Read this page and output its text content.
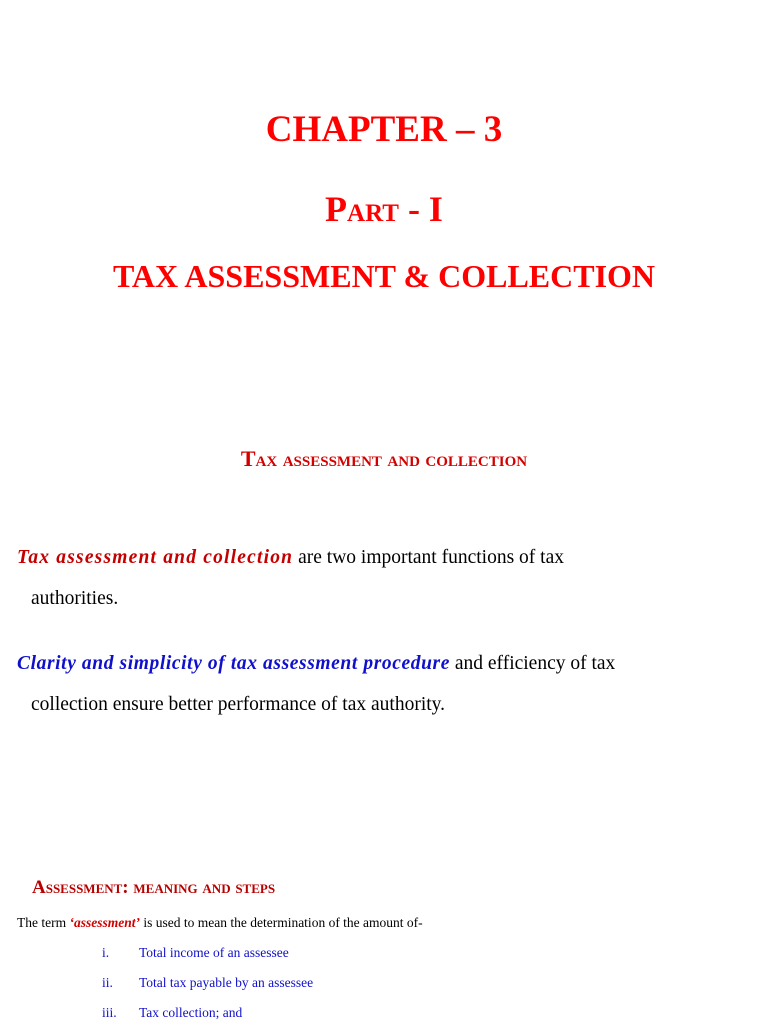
CHAPTER – 3
Part - I
TAX ASSESSMENT & COLLECTION
Tax assessment and collection
Tax assessment and collection are two important functions of tax
authorities.
Clarity and simplicity of tax assessment procedure and efficiency of tax
collection ensure better performance of tax authority.
Assessment: meaning and steps
The term ‘assessment’ is used to mean the determination of the amount of-
i.	Total income of an assessee
ii.	Total tax payable by an assessee
iii.	Tax collection; and
